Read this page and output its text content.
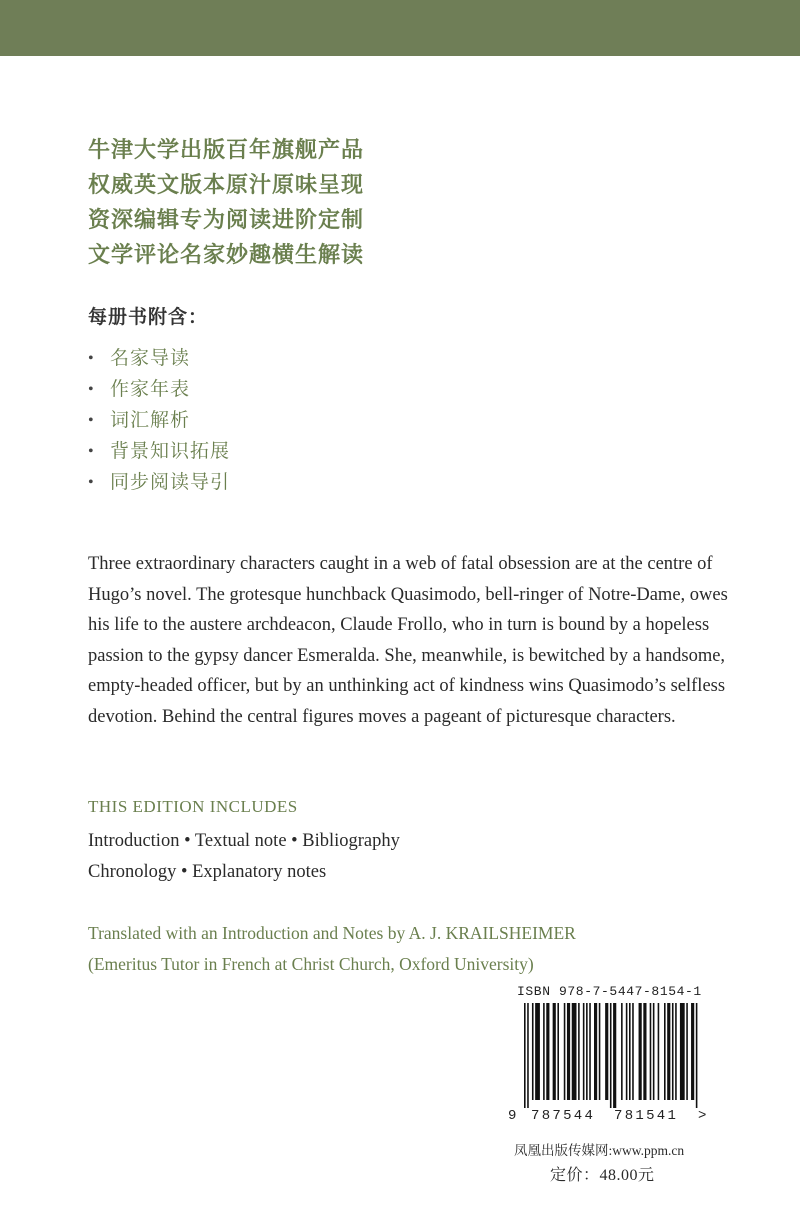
牛津大学出版百年旗舰产品
权威英文版本原汁原味呈现
资深编辑专为阅读进阶定制
文学评论名家妙趣横生解读
每册书附含：
• 名家导读
• 作家年表
• 词汇解析
• 背景知识拓展
• 同步阅读导引
Three extraordinary characters caught in a web of fatal obsession are at the centre of Hugo’s novel. The grotesque hunchback Quasimodo, bell-ringer of Notre-Dame, owes his life to the austere archdeacon, Claude Frollo, who in turn is bound by a hopeless passion to the gypsy dancer Esmeralda. She, meanwhile, is bewitched by a handsome, empty-headed officer, but by an unthinking act of kindness wins Quasimodo’s selfless devotion. Behind the central figures moves a pageant of picturesque characters.
THIS EDITION INCLUDES
Introduction • Textual note • Bibliography
Chronology • Explanatory notes
Translated with an Introduction and Notes by A. J. KRAILSHEIMER
(Emeritus Tutor in French at Christ Church, Oxford University)
ISBN 978-7-5447-8154-1
9 787544 781541 >
凤凰出版传媒网:www.ppm.cn
定价：48.00元
